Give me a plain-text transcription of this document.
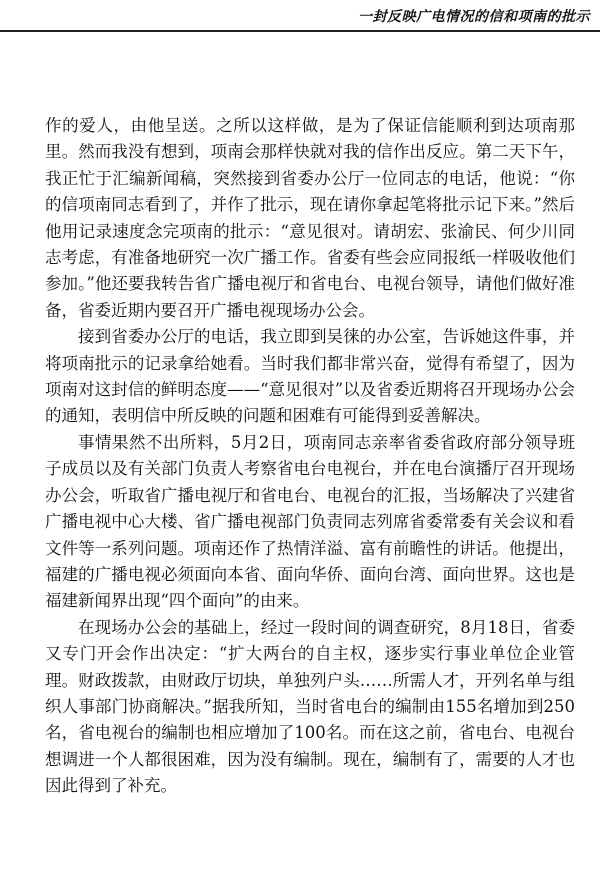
一封反映广电情况的信和项南的批示

作的爱人，由他呈送。之所以这样做，是为了保证信能顺利到达项南那里。然而我没有想到，项南会那样快就对我的信作出反应。第二天下午，我正忙于汇编新闻稿，突然接到省委办公厅一位同志的电话，他说：“你的信项南同志看到了，并作了批示，现在请你拿起笔将批示记下来。”然后他用记录速度念完项南的批示：“意见很对。请胡宏、张渝民、何少川同志考虑，有准备地研究一次广播工作。省委有些会应同报纸一样吸收他们参加。”他还要我转告省广播电视厅和省电台、电视台领导，请他们做好准备，省委近期内要召开广播电视现场办公会。

接到省委办公厅的电话，我立即到吴徕的办公室，告诉她这件事，并将项南批示的记录拿给她看。当时我们都非常兴奋，觉得有希望了，因为项南对这封信的鲜明态度——“意见很对”以及省委近期将召开现场办公会的通知，表明信中所反映的问题和困难有可能得到妥善解决。

事情果然不出所料，5月2日，项南同志亲率省委省政府部分领导班子成员以及有关部门负责人考察省电台电视台，并在电台演播厅召开现场办公会，听取省广播电视厅和省电台、电视台的汇报，当场解决了兴建省广播电视中心大楼、省广播电视部门负责同志列席省委常委有关会议和看文件等一系列问题。项南还作了热情洋溢、富有前瞻性的讲话。他提出，福建的广播电视必须面向本省、面向华侨、面向台湾、面向世界。这也是福建新闻界出现“四个面向”的由来。

在现场办公会的基础上，经过一段时间的调查研究，8月18日，省委又专门开会作出决定：“扩大两台的自主权，逐步实行事业单位企业管理。财政拨款，由财政厅切块，单独列户头……所需人才，开列名单与组织人事部门协商解决。”据我所知，当时省电台的编制由155名增加到250名，省电视台的编制也相应增加了100名。而在这之前，省电台、电视台想调进一个人都很困难，因为没有编制。现在，编制有了，需要的人才也因此得到了补充。
